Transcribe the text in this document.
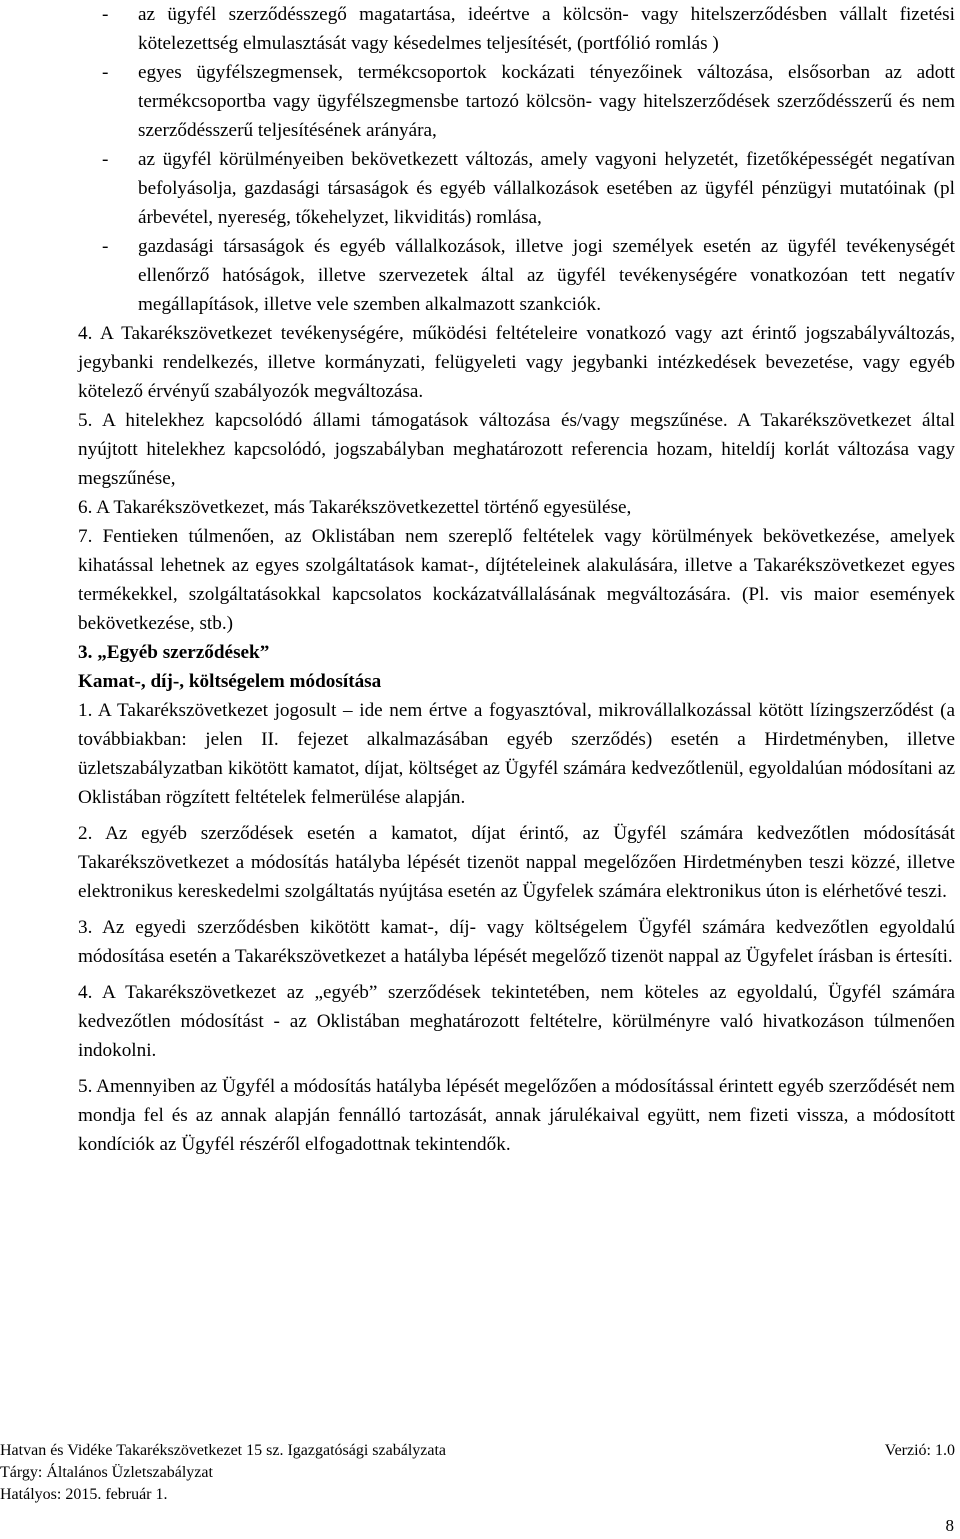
-	az ügyfél szerződésszegő magatartása, ideértve a kölcsön- vagy hitelszerződésben vállalt fizetési kötelezettség elmulasztását vagy késedelmes teljesítését, (portfólió romlás )
-	egyes ügyfélszegmensek, termékcsoportok kockázati tényezőinek változása, elsősorban az adott termékcsoportba vagy ügyfélszegmensbe tartozó kölcsön- vagy hitelszerződések szerződésszerű és nem szerződésszerű teljesítésének arányára,
-	az ügyfél körülményeiben bekövetkezett változás, amely vagyoni helyzetét, fizetőképességét negatívan befolyásolja, gazdasági társaságok és egyéb vállalkozások esetében az ügyfél pénzügyi mutatóinak (pl árbevétel, nyereség, tőkehelyzet, likviditás) romlása,
-	gazdasági társaságok és egyéb vállalkozások, illetve jogi személyek esetén az ügyfél tevékenységét ellenőrző hatóságok, illetve szervezetek által az ügyfél tevékenységére vonatkozóan tett negatív megállapítások, illetve vele szemben alkalmazott szankciók.

4. A Takarékszövetkezet tevékenységére, működési feltételeire vonatkozó vagy azt érintő jogszabályváltozás, jegybanki rendelkezés, illetve kormányzati, felügyeleti vagy jegybanki intézkedések bevezetése, vagy egyéb kötelező érvényű szabályozók megváltozása.

5. A hitelekhez kapcsolódó állami támogatások változása és/vagy megszűnése. A Takarékszövetkezet által nyújtott hitelekhez kapcsolódó, jogszabályban meghatározott referencia hozam, hiteldíj korlát változása vagy megszűnése,

6. A Takarékszövetkezet, más Takarékszövetkezettel történő egyesülése,

7. Fentieken túlmenően, az Oklistában nem szereplő feltételek vagy körülmények bekövetkezése, amelyek kihatással lehetnek az egyes szolgáltatások kamat-, díjtételeinek alakulására, illetve a Takarékszövetkezet egyes termékekkel, szolgáltatásokkal kapcsolatos kockázatvállalásának megváltozására. (Pl. vis maior események bekövetkezése, stb.)

3. „Egyéb szerződések”

Kamat-, díj-, költségelem módosítása

1. A Takarékszövetkezet jogosult – ide nem értve a fogyasztóval, mikrovállalkozással kötött lízingszerződést (a továbbiakban: jelen II. fejezet alkalmazásában egyéb szerződés) esetén a Hirdetményben, illetve üzletszabályzatban kikötött kamatot, díjat, költséget az Ügyfél számára kedvezőtlenül, egyoldalúan módosítani az Oklistában rögzített feltételek felmerülése alapján.

2. Az egyéb szerződések esetén a kamatot, díjat érintő, az Ügyfél számára kedvezőtlen módosítását Takarékszövetkezet a módosítás hatályba lépését tizenöt nappal megelőzően Hirdetményben teszi közzé, illetve elektronikus kereskedelmi szolgáltatás nyújtása esetén az Ügyfelek számára elektronikus úton is elérhetővé teszi.

3. Az egyedi szerződésben kikötött kamat-, díj- vagy költségelem Ügyfél számára kedvezőtlen egyoldalú módosítása esetén a Takarékszövetkezet a hatályba lépését megelőző tizenöt nappal az Ügyfelet írásban is értesíti.

4. A Takarékszövetkezet az „egyéb” szerződések tekintetében, nem köteles az egyoldalú, Ügyfél számára kedvezőtlen módosítást - az Oklistában meghatározott feltételre, körülményre való hivatkozáson túlmenően indokolni.

5. Amennyiben az Ügyfél a módosítás hatályba lépését megelőzően a módosítással érintett egyéb szerződését nem mondja fel és az annak alapján fennálló tartozását, annak járulékaival együtt, nem fizeti vissza, a módosított kondíciók az Ügyfél részéről elfogadottnak tekintendők.

Hatvan és Vidéke Takarékszövetkezet 15 sz. Igazgatósági szabályzata	Verzió: 1.0
Tárgy: Általános Üzletszabályzat
Hatályos: 2015. február 1.
8
